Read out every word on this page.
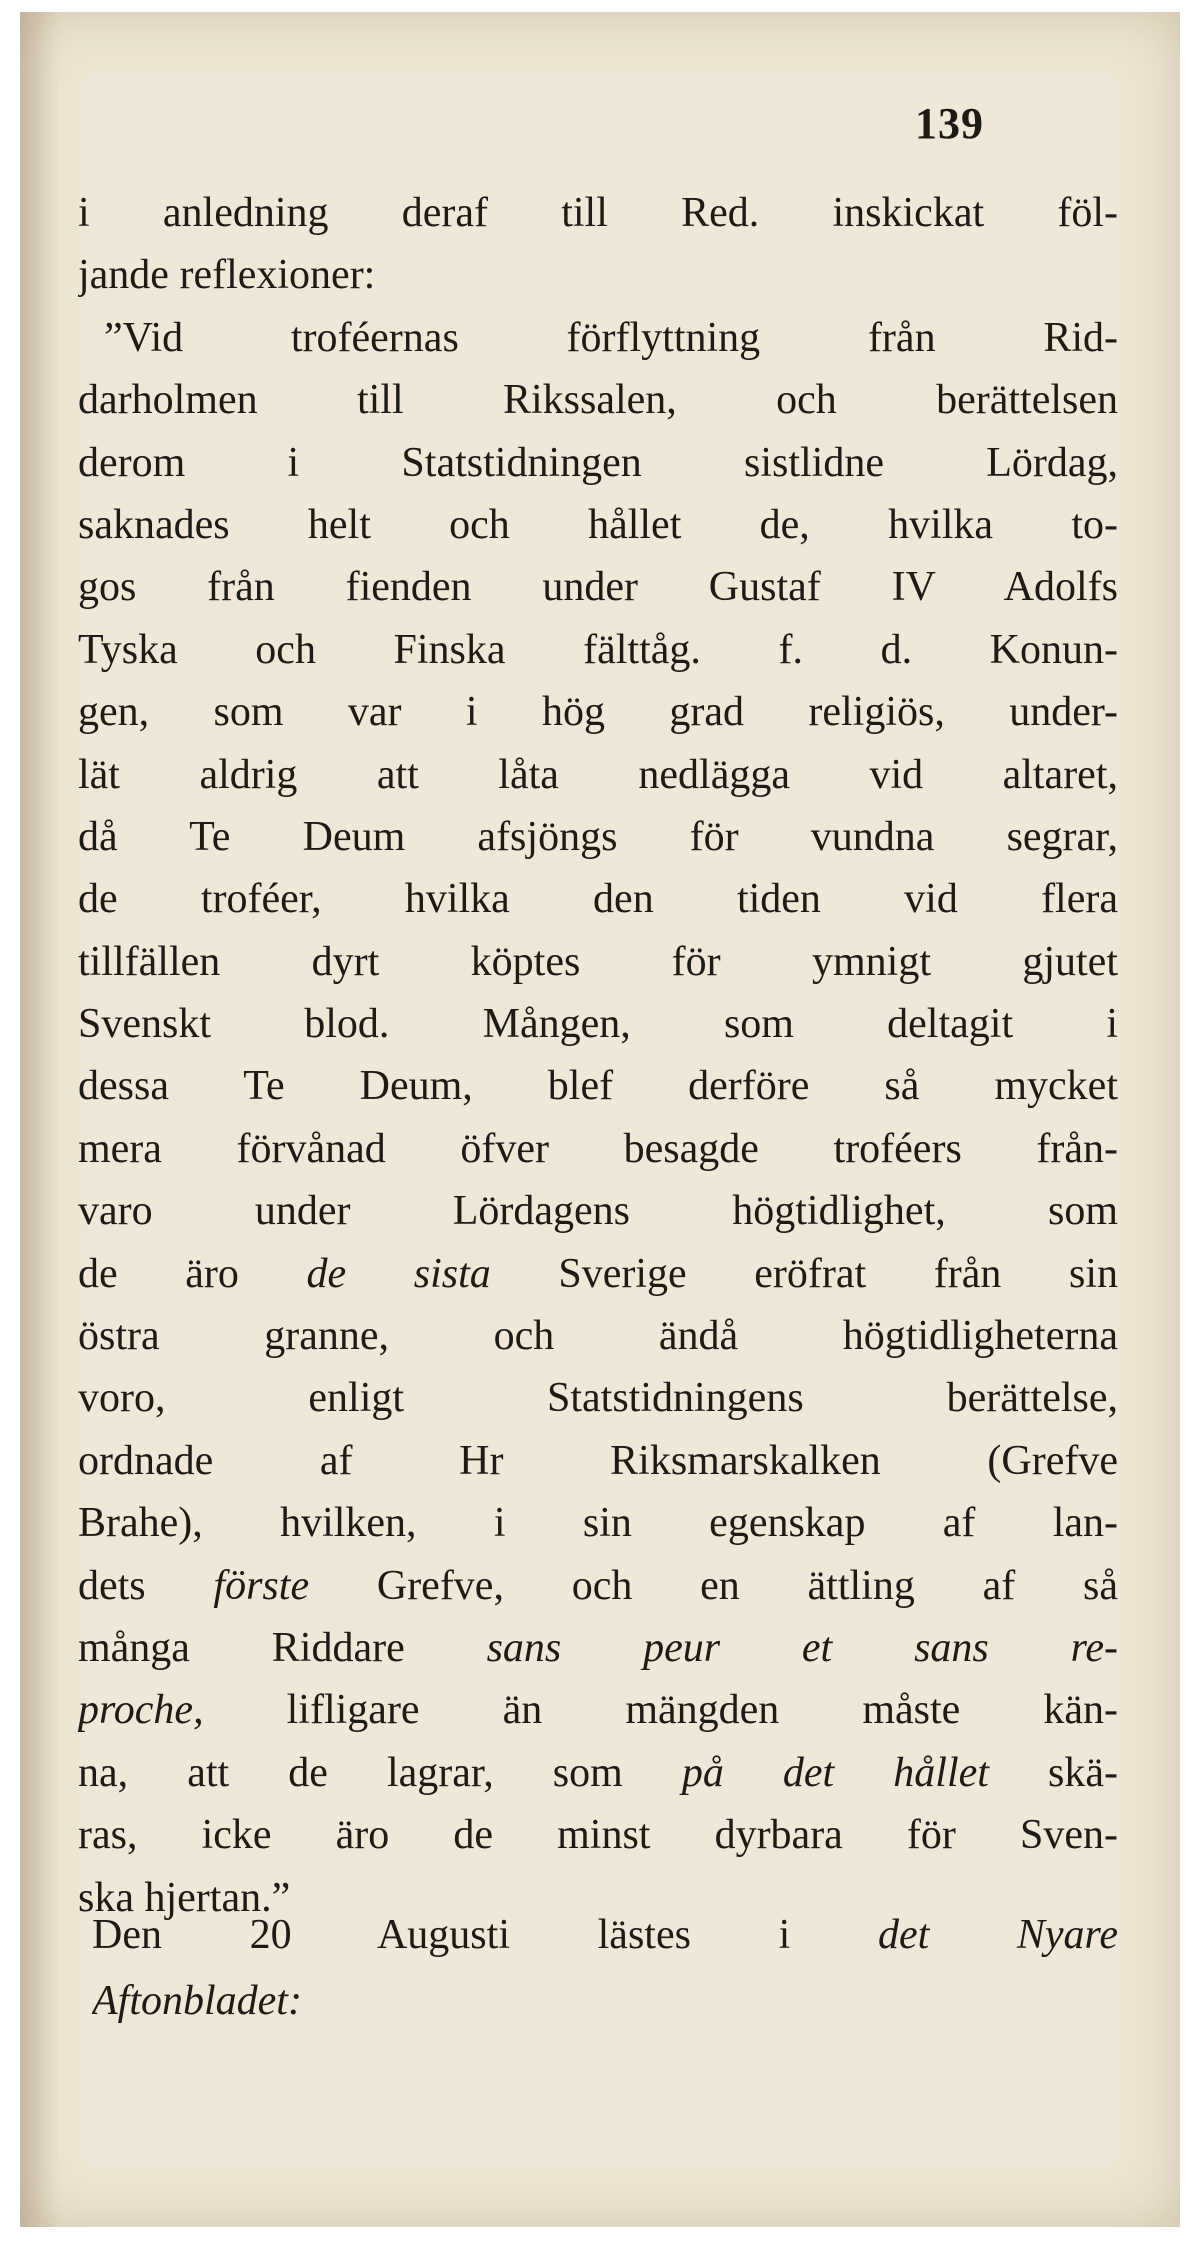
139
i anledning deraf till Red. inskickat föl-
jande reflexioner:
”Vid troféernas förflyttning från Rid-
darholmen till Rikssalen, och berättelsen
derom i Statstidningen sistlidne Lördag,
saknades helt och hållet de, hvilka to-
gos från fienden under Gustaf IV Adolfs
Tyska och Finska fälttåg. f. d. Konun-
gen, som var i hög grad religiös, under-
lät aldrig att låta nedlägga vid altaret,
då Te Deum afsjöngs för vundna segrar,
de troféer, hvilka den tiden vid flera
tillfällen dyrt köptes för ymnigt gjutet
Svenskt blod. Mången, som deltagit i
dessa Te Deum, blef derföre så mycket
mera förvånad öfver besagde troféers från-
varo under Lördagens högtidlighet, som
de äro de sista Sverige eröfrat från sin
östra granne, och ändå högtidligheterna
voro, enligt Statstidningens berättelse,
ordnade af Hr Riksmarskalken (Grefve
Brahe), hvilken, i sin egenskap af lan-
dets förste Grefve, och en ättling af så
många Riddare sans peur et sans re-
proche, lifligare än mängden måste kän-
na, att de lagrar, som på det hållet skä-
ras, icke äro de minst dyrbara för Sven-
ska hjertan.”
Den 20 Augusti lästes i det Nyare
Aftonbladet:
